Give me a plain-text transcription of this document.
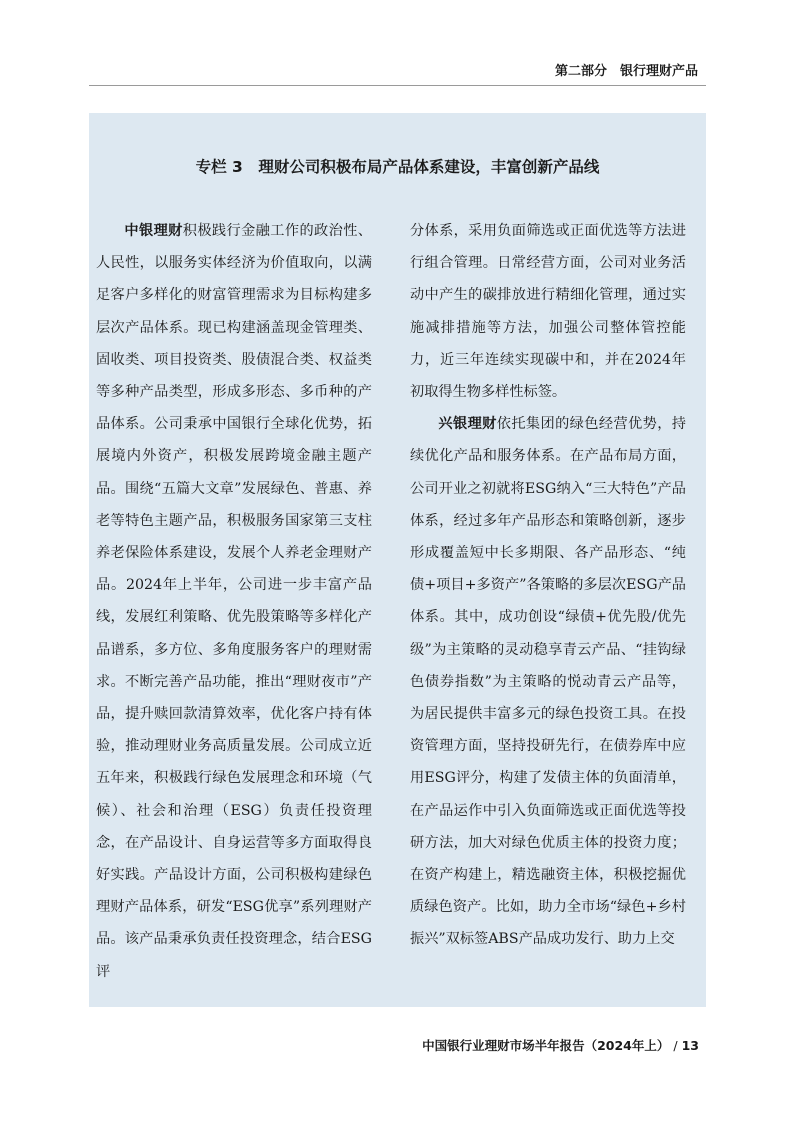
第二部分　银行理财产品
专栏 3　理财公司积极布局产品体系建设，丰富创新产品线

中银理财积极践行金融工作的政治性、人民性，以服务实体经济为价值取向，以满足客户多样化的财富管理需求为目标构建多层次产品体系。现已构建涵盖现金管理类、固收类、项目投资类、股债混合类、权益类等多种产品类型，形成多形态、多币种的产品体系。公司秉承中国银行全球化优势，拓展境内外资产，积极发展跨境金融主题产品。围绕“五篇大文章”发展绿色、普惠、养老等特色主题产品，积极服务国家第三支柱养老保险体系建设，发展个人养老金理财产品。2024年上半年，公司进一步丰富产品线，发展红利策略、优先股策略等多样化产品谱系，多方位、多角度服务客户的理财需求。不断完善产品功能，推出“理财夜市”产品，提升赎回款清算效率，优化客户持有体验，推动理财业务高质量发展。公司成立近五年来，积极践行绿色发展理念和环境（气候）、社会和治理（ESG）负责任投资理念，在产品设计、自身运营等多方面取得良好实践。产品设计方面，公司积极构建绿色理财产品体系，研发“ESG优享”系列理财产品。该产品秉承负责任投资理念，结合ESG评

分体系，采用负面筛选或正面优选等方法进行组合管理。日常经营方面，公司对业务活动中产生的碳排放进行精细化管理，通过实施减排措施等方法，加强公司整体管控能力，近三年连续实现碳中和，并在2024年初取得生物多样性标签。

兴银理财依托集团的绿色经营优势，持续优化产品和服务体系。在产品布局方面，公司开业之初就将ESG纳入“三大特色”产品体系，经过多年产品形态和策略创新，逐步形成覆盖短中长多期限、各产品形态、“纯债+项目+多资产”各策略的多层次ESG产品体系。其中，成功创设“绿债+优先股/优先级”为主策略的灵动稳享青云产品、“挂钩绿色债券指数”为主策略的悦动青云产品等，为居民提供丰富多元的绿色投资工具。在投资管理方面，坚持投研先行，在债券库中应用ESG评分，构建了发债主体的负面清单，在产品运作中引入负面筛选或正面优选等投研方法，加大对绿色优质主体的投资力度；在资产构建上，精选融资主体，积极挖掘优质绿色资产。比如，助力全市场“绿色+乡村振兴”双标签ABS产品成功发行、助力上交

中国银行业理财市场半年报告（2024年上） / 13
